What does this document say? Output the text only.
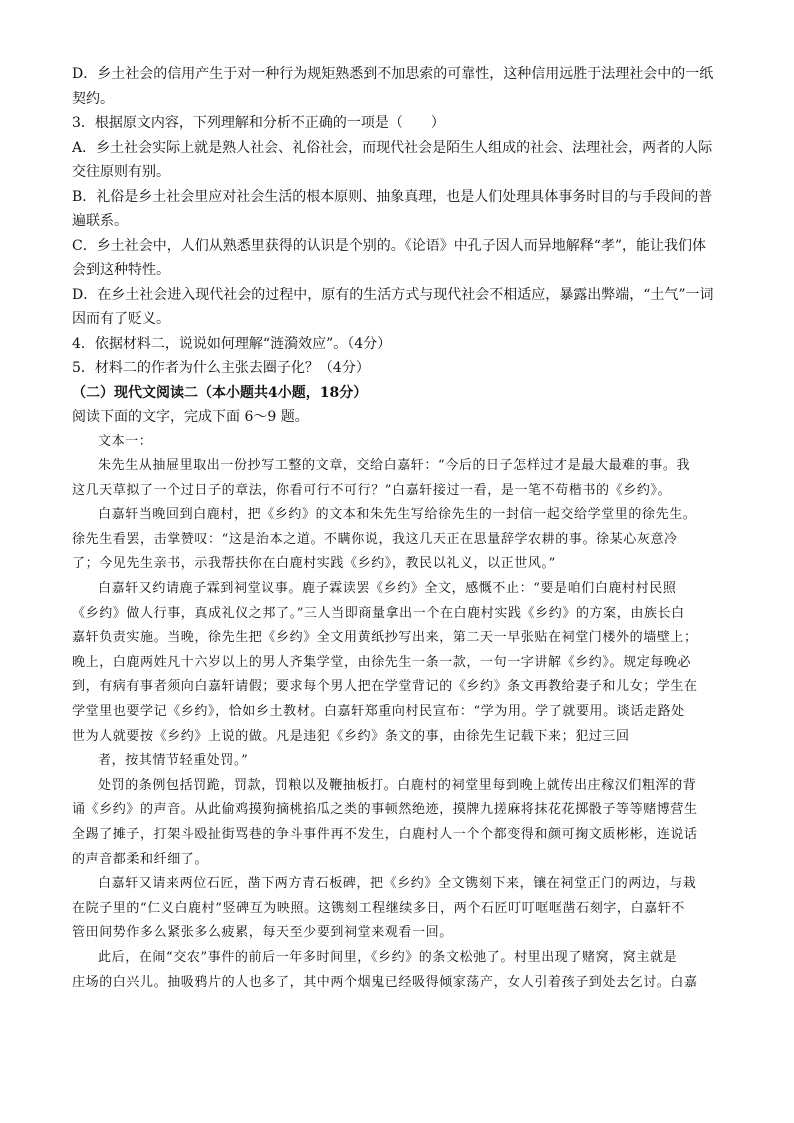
D．乡土社会的信用产生于对一种行为规矩熟悉到不加思索的可靠性，这种信用远胜于法理社会中的一纸
契约。
3．根据原文内容，下列理解和分析不正确的一项是（　　）
A．乡土社会实际上就是熟人社会、礼俗社会，而现代社会是陌生人组成的社会、法理社会，两者的人际
交往原则有别。
B．礼俗是乡土社会里应对社会生活的根本原则、抽象真理，也是人们处理具体事务时目的与手段间的普
遍联系。
C．乡土社会中，人们从熟悉里获得的认识是个别的。《论语》中孔子因人而异地解释“孝”，能让我们体
会到这种特性。
D．在乡土社会进入现代社会的过程中，原有的生活方式与现代社会不相适应，暴露出弊端，“土气”一词
因而有了贬义。
4．依据材料二，说说如何理解“涟漪效应”。（4分）
5．材料二的作者为什么主张去圈子化？（4分）
（二）现代文阅读二（本小题共4小题，18分）
阅读下面的文字，完成下面 6～9 题。
文本一：
朱先生从抽屉里取出一份抄写工整的文章，交给白嘉轩：“今后的日子怎样过才是最大最难的事。我
这几天草拟了一个过日子的章法，你看可行不可行？”白嘉轩接过一看，是一笔不苟楷书的《乡约》。
白嘉轩当晚回到白鹿村，把《乡约》的文本和朱先生写给徐先生的一封信一起交给学堂里的徐先生。
徐先生看罢，击掌赞叹：“这是治本之道。不瞒你说，我这几天正在思量辞学农耕的事。徐某心灰意冷
了；今见先生亲书，示我帮扶你在白鹿村实践《乡约》，教民以礼义，以正世风。”
白嘉轩又约请鹿子霖到祠堂议事。鹿子霖读罢《乡约》全文，感慨不止：“要是咱们白鹿村村民照
《乡约》做人行事，真成礼仪之邦了。”三人当即商量拿出一个在白鹿村实践《乡约》的方案，由族长白
嘉轩负责实施。当晚，徐先生把《乡约》全文用黄纸抄写出来，第二天一早张贴在祠堂门楼外的墙壁上；
晚上，白鹿两姓凡十六岁以上的男人齐集学堂，由徐先生一条一款，一句一字讲解《乡约》。规定每晚必
到，有病有事者须向白嘉轩请假；要求每个男人把在学堂背记的《乡约》条文再教给妻子和儿女；学生在
学堂里也要学记《乡约》，恰如乡土教材。白嘉轩郑重向村民宣布：“学为用。学了就要用。谈话走路处
世为人就要按《乡约》上说的做。凡是违犯《乡约》条文的事，由徐先生记载下来；犯过三回
者，按其情节轻重处罚。”
处罚的条例包括罚跪，罚款，罚粮以及鞭抽板打。白鹿村的祠堂里每到晚上就传出庄稼汉们粗浑的背
诵《乡约》的声音。从此偷鸡摸狗摘桃掐瓜之类的事顿然绝迹，摸牌九搓麻将抹花花掷骰子等等赌博营生
全踢了摊子，打架斗殴扯街骂巷的争斗事件再不发生，白鹿村人一个个都变得和颜可掬文质彬彬，连说话
的声音都柔和纤细了。
白嘉轩又请来两位石匠，凿下两方青石板碑，把《乡约》全文镌刻下来，镶在祠堂正门的两边，与栽
在院子里的“仁义白鹿村”竖碑互为映照。这镌刻工程继续多日，两个石匠叮叮哐哐凿石刻字，白嘉轩不
管田间势作多么紧张多么疲累，每天至少要到祠堂来观看一回。
此后，在闹“交农”事件的前后一年多时间里，《乡约》的条文松弛了。村里出现了赌窝，窝主就是
庄场的白兴儿。抽吸鸦片的人也多了，其中两个烟鬼已经吸得倾家荡产，女人引着孩子到处去乞讨。白嘉
